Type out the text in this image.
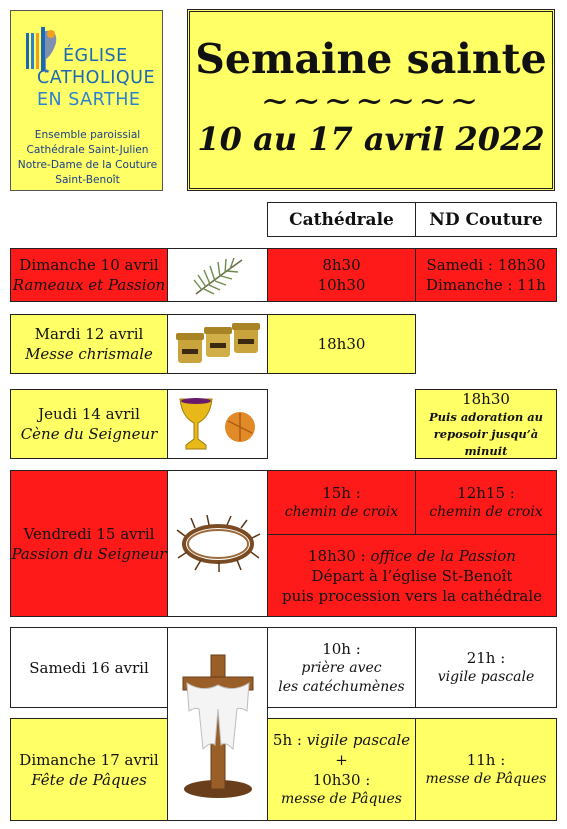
ÉGLISE
CATHOLIQUE
EN SARTHE
Ensemble paroissial
Cathédrale Saint-Julien
Notre-Dame de la Couture
Saint-Benoît
Semaine sainte
~~~~~~~
10 au 17 avril 2022
Cathédrale	ND Couture
Dimanche 10 avril
Rameaux et Passion
8h30
10h30
Samedi : 18h30
Dimanche : 11h
Mardi 12 avril
Messe chrismale
18h30
Jeudi 14 avril
Cène du Seigneur
18h30
Puis adoration au
reposoir jusqu’à minuit
Vendredi 15 avril
Passion du Seigneur
15h :
chemin de croix
12h15 :
chemin de croix
18h30 : office de la Passion
Départ à l’église St-Benoît
puis procession vers la cathédrale
Samedi 16 avril
10h :
prière avec
les catéchumènes
21h :
vigile pascale
Dimanche 17 avril
Fête de Pâques
5h : vigile pascale
+
10h30 :
messe de Pâques
11h :
messe de Pâques
